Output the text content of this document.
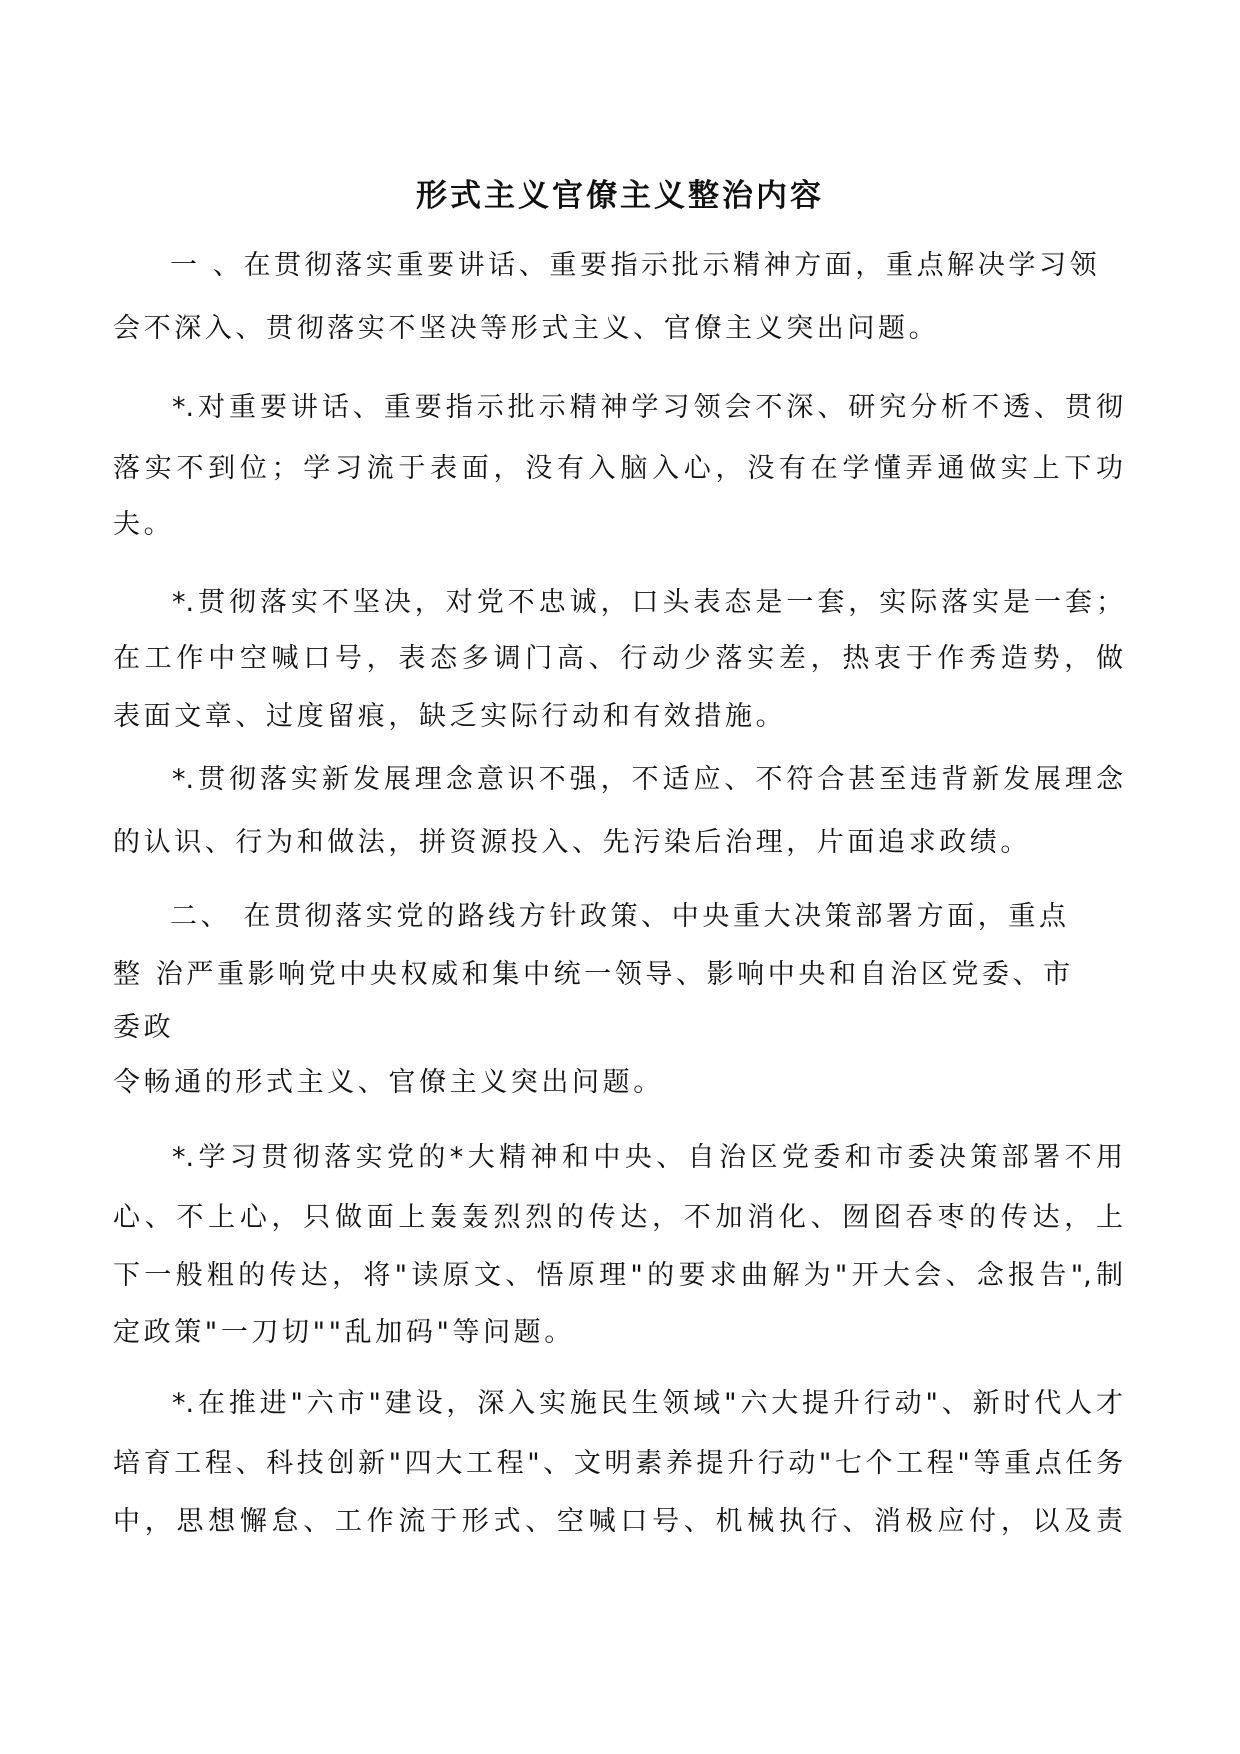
形式主义官僚主义整治内容
一 、在贯彻落实重要讲话、重要指示批示精神方面，重点解决学习领
会不深入、贯彻落实不坚决等形式主义、官僚主义突出问题。
*.对重要讲话、重要指示批示精神学习领会不深、研究分析不透、贯彻
落实不到位；学习流于表面，没有入脑入心，没有在学懂弄通做实上下功
夫。
*.贯彻落实不坚决，对党不忠诚，口头表态是一套，实际落实是一套；
在工作中空喊口号，表态多调门高、行动少落实差，热衷于作秀造势，做
表面文章、过度留痕，缺乏实际行动和有效措施。
*.贯彻落实新发展理念意识不强，不适应、不符合甚至违背新发展理念
的认识、行为和做法，拼资源投入、先污染后治理，片面追求政绩。
二、 在贯彻落实党的路线方针政策、中央重大决策部署方面，重点
整 治严重影响党中央权威和集中统一领导、影响中央和自治区党委、市
委政
令畅通的形式主义、官僚主义突出问题。
*.学习贯彻落实党的*大精神和中央、自治区党委和市委决策部署不用
心、不上心，只做面上轰轰烈烈的传达，不加消化、囫囵吞枣的传达，上
下一般粗的传达，将"读原文、悟原理"的要求曲解为"开大会、念报告",制
定政策"一刀切""乱加码"等问题。
*.在推进"六市"建设，深入实施民生领域"六大提升行动"、新时代人才
培育工程、科技创新"四大工程"、文明素养提升行动"七个工程"等重点任务
中，思想懈怠、工作流于形式、空喊口号、机械执行、消极应付，以及责
